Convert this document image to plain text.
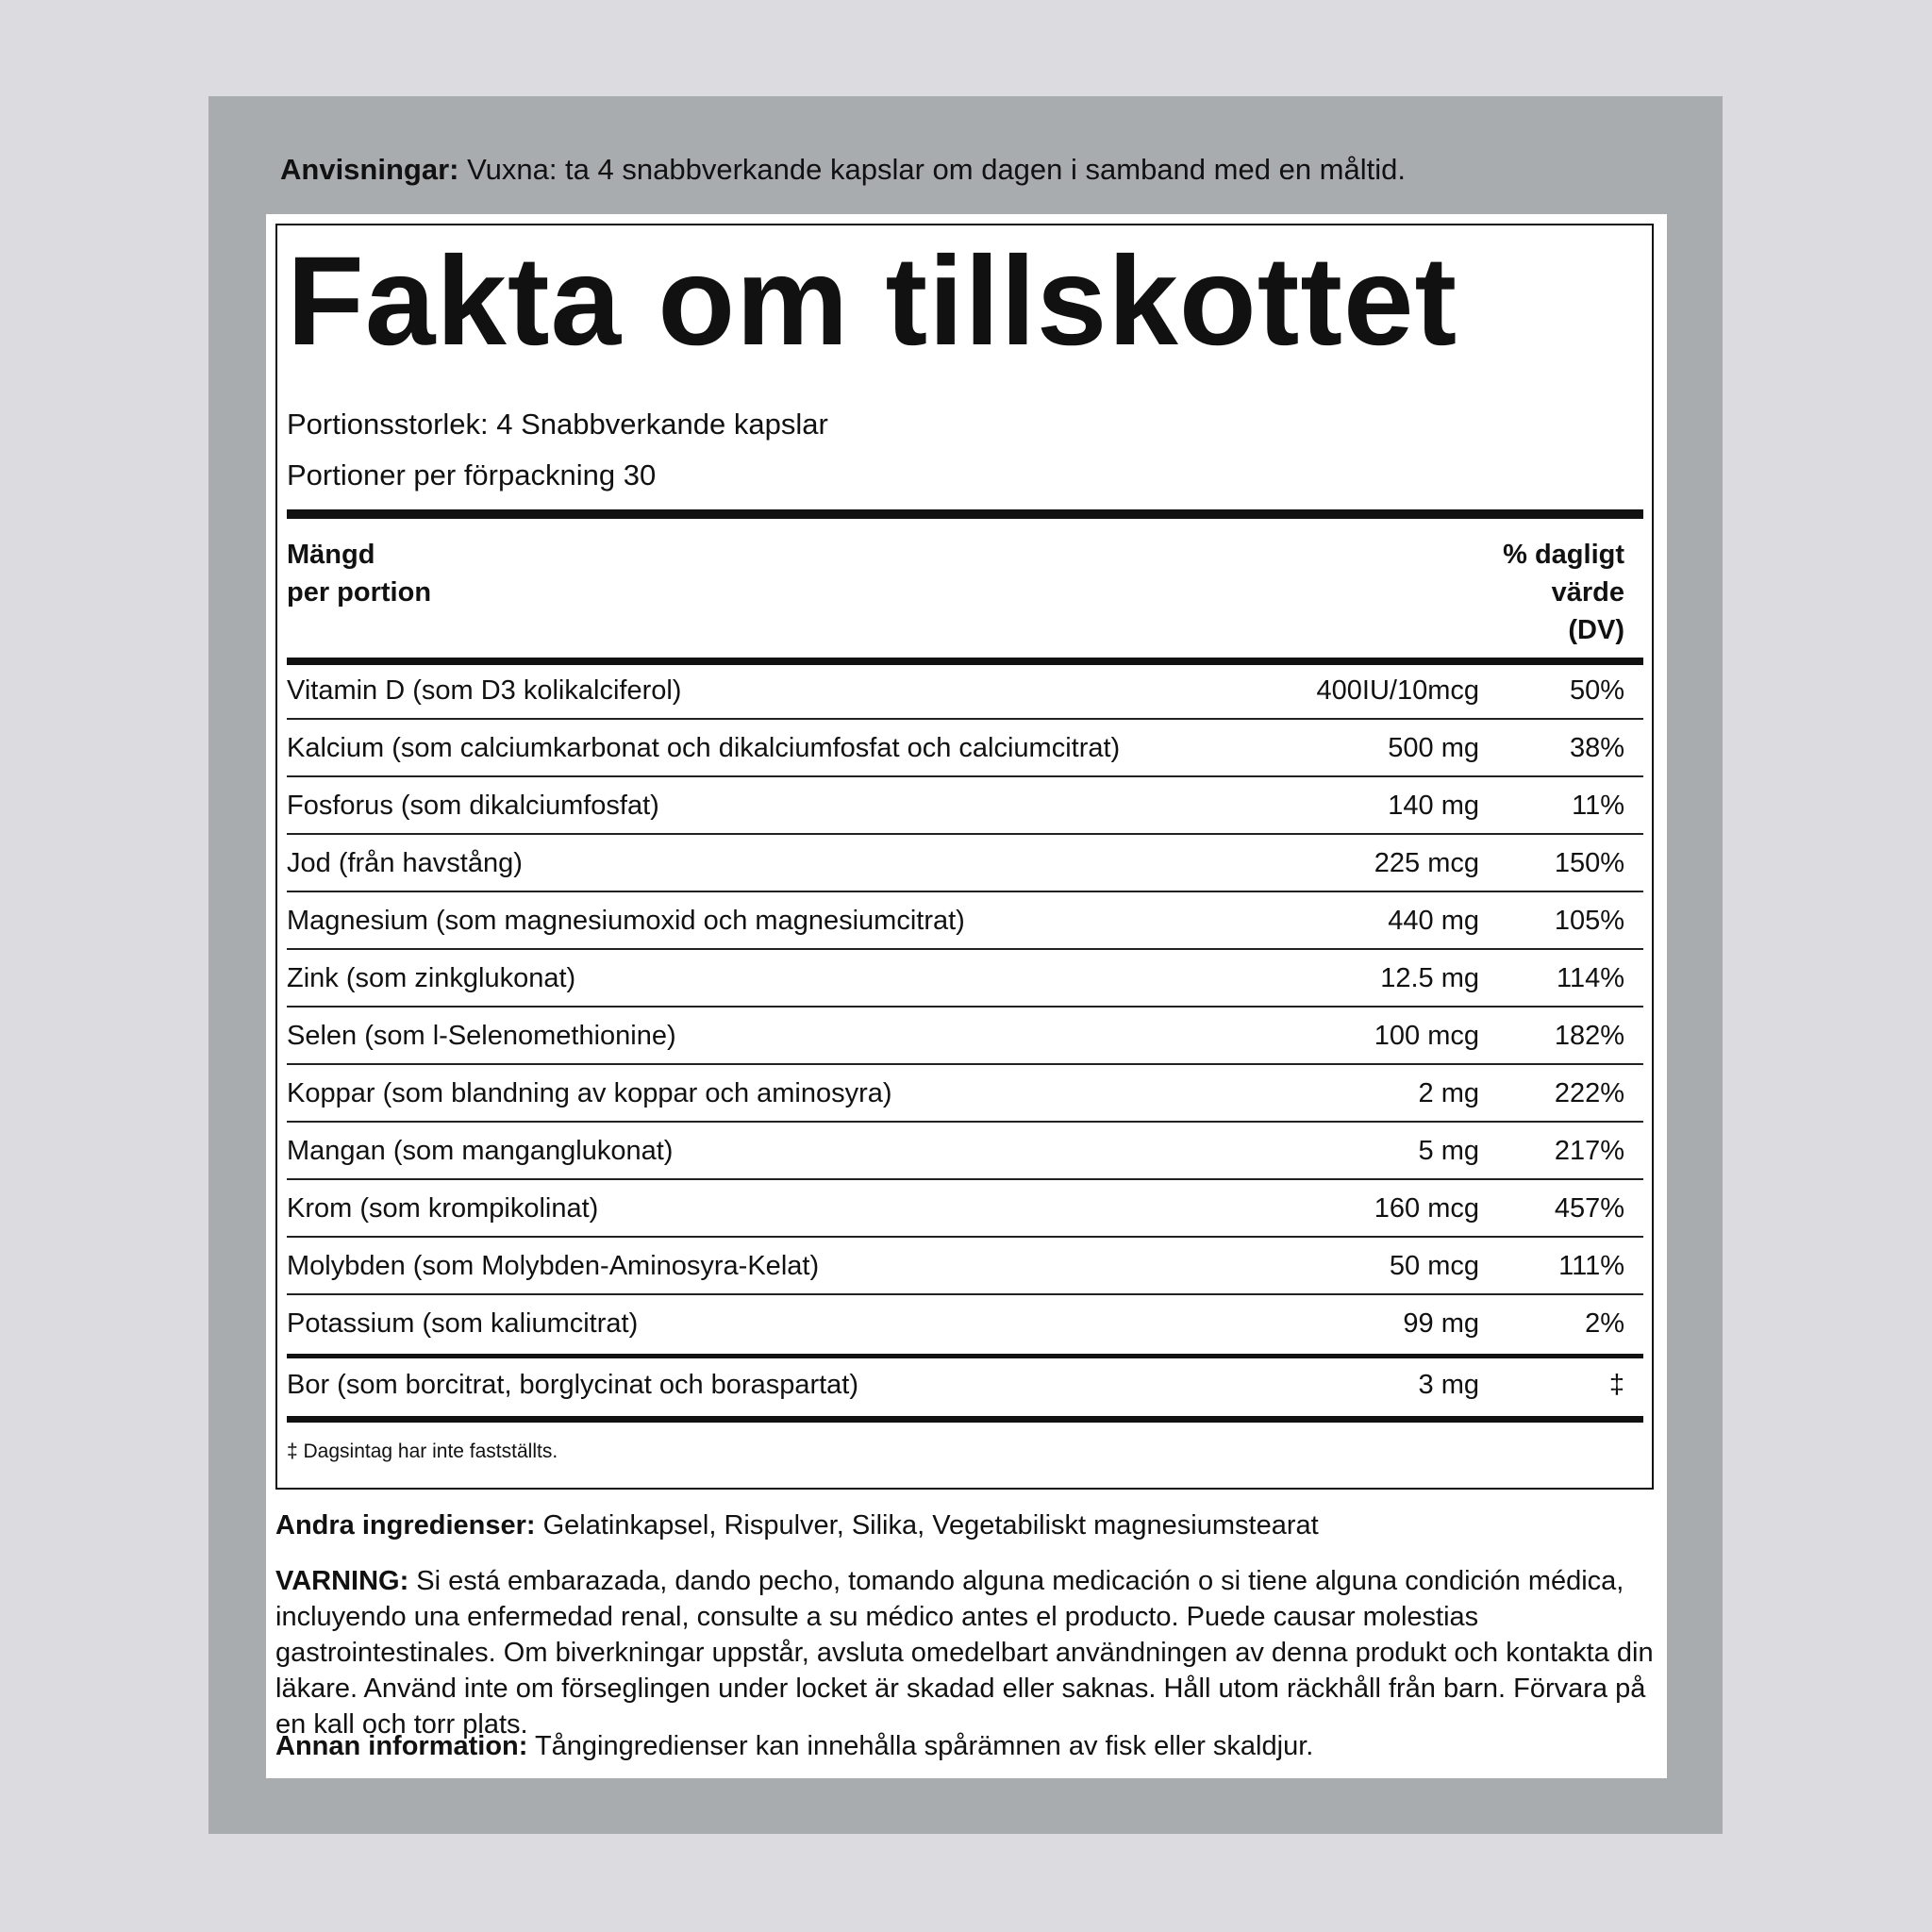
Anvisningar: Vuxna: ta 4 snabbverkande kapslar om dagen i samband med en måltid.
Fakta om tillskottet
Portionsstorlek: 4 Snabbverkande kapslar
Portioner per förpackning 30
Mängd
per portion
% dagligt
värde
(DV)
Vitamin D (som D3 kolikalciferol)	400IU/10mcg	50%
Kalcium (som calciumkarbonat och dikalciumfosfat och calciumcitrat)	500 mg	38%
Fosforus (som dikalciumfosfat)	140 mg	11%
Jod (från havstång)	225 mcg	150%
Magnesium (som magnesiumoxid och magnesiumcitrat)	440 mg	105%
Zink (som zinkglukonat)	12.5 mg	114%
Selen (som l-Selenomethionine)	100 mcg	182%
Koppar (som blandning av koppar och aminosyra)	2 mg	222%
Mangan (som manganglukonat)	5 mg	217%
Krom (som krompikolinat)	160 mcg	457%
Molybden (som Molybden-Aminosyra-Kelat)	50 mcg	111%
Potassium (som kaliumcitrat)	99 mg	2%
Bor (som borcitrat, borglycinat och boraspartat)	3 mg	‡
‡ Dagsintag har inte fastställts.
Andra ingredienser: Gelatinkapsel, Rispulver, Silika, Vegetabiliskt magnesiumstearat
VARNING: Si está embarazada, dando pecho, tomando alguna medicación o si tiene alguna condición médica, incluyendo una enfermedad renal, consulte a su médico antes el producto. Puede causar molestias gastrointestinales. Om biverkningar uppstår, avsluta omedelbart användningen av denna produkt och kontakta din läkare. Använd inte om förseglingen under locket är skadad eller saknas. Håll utom räckhåll från barn. Förvara på en kall och torr plats.
Annan information: Tångingredienser kan innehålla spårämnen av fisk eller skaldjur.
